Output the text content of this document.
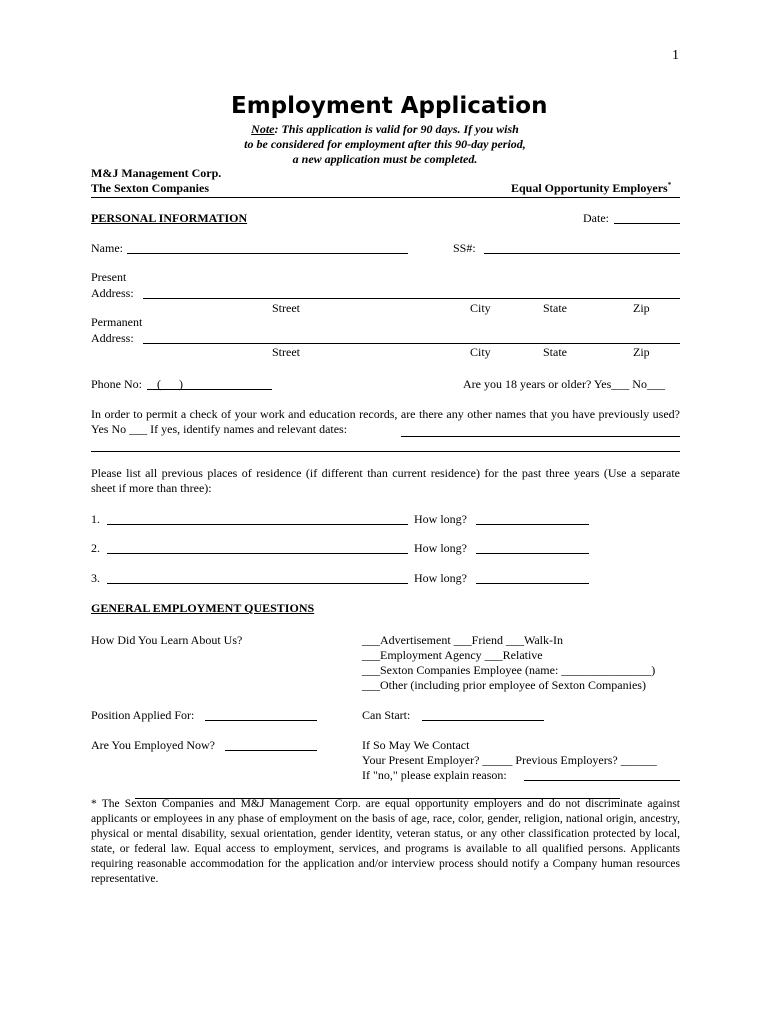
1
Employment Application
Note: This application is valid for 90 days. If you wish
to be considered for employment after this 90-day period,
a new application must be completed.
M&J Management Corp.
The Sexton Companies	Equal Opportunity Employers*
PERSONAL INFORMATION	Date:
Name:	SS#:
Present
Address:
Street	City	State	Zip
Permanent
Address:
Street	City	State	Zip
Phone No: (      )	Are you 18 years or older? Yes___ No___
In order to permit a check of your work and education records, are there any other names that you have previously used? Yes No ___ If yes, identify names and relevant dates:
Please list all previous places of residence (if different than current residence) for the past three years (Use a separate sheet if more than three):
1.	How long?
2.	How long?
3.	How long?
GENERAL EMPLOYMENT QUESTIONS
How Did You Learn About Us?	___Advertisement ___Friend ___Walk-In
___Employment Agency ___Relative
___Sexton Companies Employee (name: _______________)
___Other (including prior employee of Sexton Companies)
Position Applied For:	Can Start:
Are You Employed Now?	If So May We Contact
Your Present Employer? _____ Previous Employers? ______
If "no," please explain reason:
* The Sexton Companies and M&J Management Corp. are equal opportunity employers and do not discriminate against applicants or employees in any phase of employment on the basis of age, race, color, gender, religion, national origin, ancestry, physical or mental disability, sexual orientation, gender identity, veteran status, or any other classification protected by local, state, or federal law. Equal access to employment, services, and programs is available to all qualified persons. Applicants requiring reasonable accommodation for the application and/or interview process should notify a Company human resources representative.
